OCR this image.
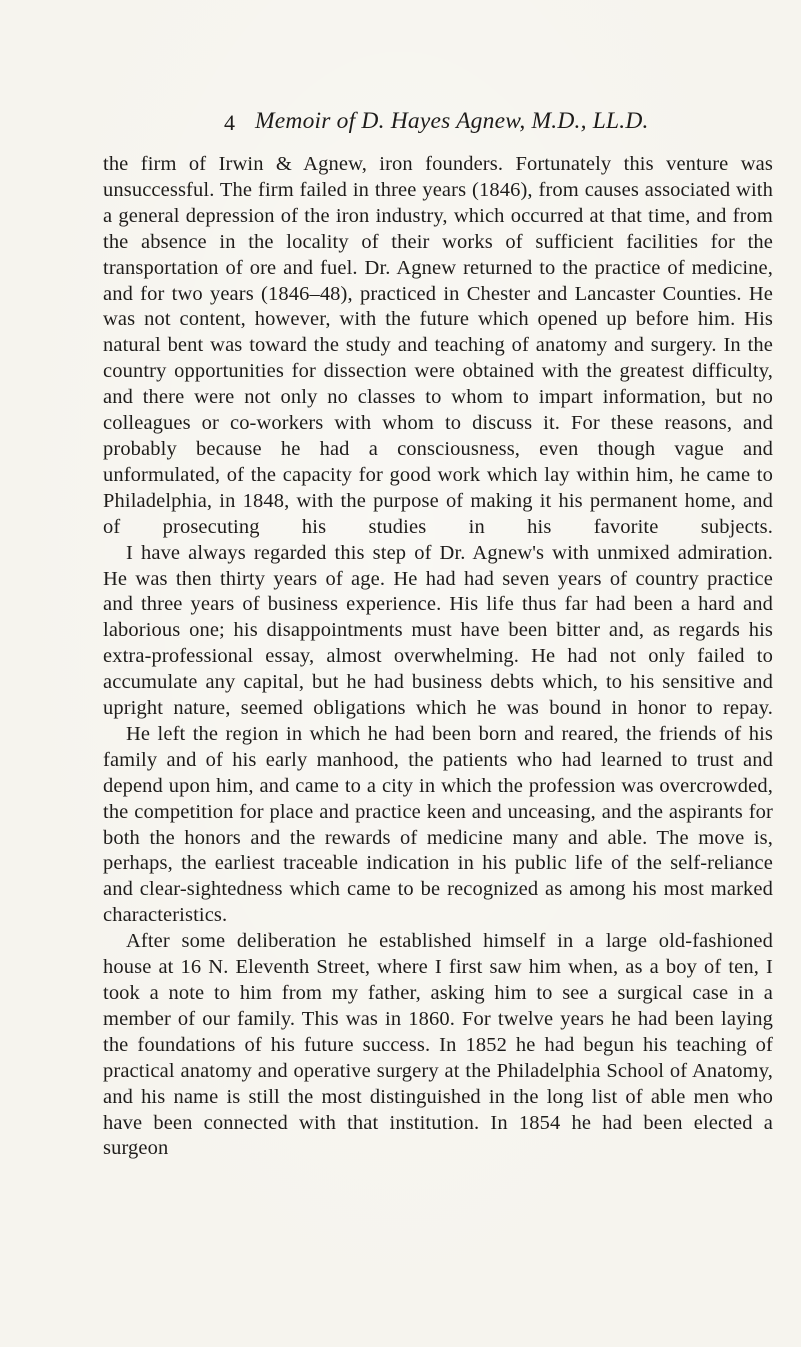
4 Memoir of D. Hayes Agnew, M.D., LL.D.

the firm of Irwin & Agnew, iron founders. Fortunately this venture was unsuccessful. The firm failed in three years (1846), from causes associated with a general depression of the iron industry, which occurred at that time, and from the absence in the locality of their works of sufficient facilities for the transportation of ore and fuel. Dr. Agnew returned to the practice of medicine, and for two years (1846–48), practiced in Chester and Lancaster Counties. He was not content, however, with the future which opened up before him. His natural bent was toward the study and teaching of anatomy and surgery. In the country opportunities for dissection were obtained with the greatest difficulty, and there were not only no classes to whom to impart information, but no colleagues or co-workers with whom to discuss it. For these reasons, and probably because he had a consciousness, even though vague and unformulated, of the capacity for good work which lay within him, he came to Philadelphia, in 1848, with the purpose of making it his permanent home, and of prosecuting his studies in his favorite subjects.

I have always regarded this step of Dr. Agnew's with unmixed admiration. He was then thirty years of age. He had had seven years of country practice and three years of business experience. His life thus far had been a hard and laborious one; his disappointments must have been bitter and, as regards his extra-professional essay, almost overwhelming. He had not only failed to accumulate any capital, but he had business debts which, to his sensitive and upright nature, seemed obligations which he was bound in honor to repay.

He left the region in which he had been born and reared, the friends of his family and of his early manhood, the patients who had learned to trust and depend upon him, and came to a city in which the profession was overcrowded, the competition for place and practice keen and unceasing, and the aspirants for both the honors and the rewards of medicine many and able. The move is, perhaps, the earliest traceable indication in his public life of the self-reliance and clear-sightedness which came to be recognized as among his most marked characteristics.

After some deliberation he established himself in a large old-fashioned house at 16 N. Eleventh Street, where I first saw him when, as a boy of ten, I took a note to him from my father, asking him to see a surgical case in a member of our family. This was in 1860. For twelve years he had been laying the foundations of his future success. In 1852 he had begun his teaching of practical anatomy and operative surgery at the Philadelphia School of Anatomy, and his name is still the most distinguished in the long list of able men who have been connected with that institution. In 1854 he had been elected a surgeon
